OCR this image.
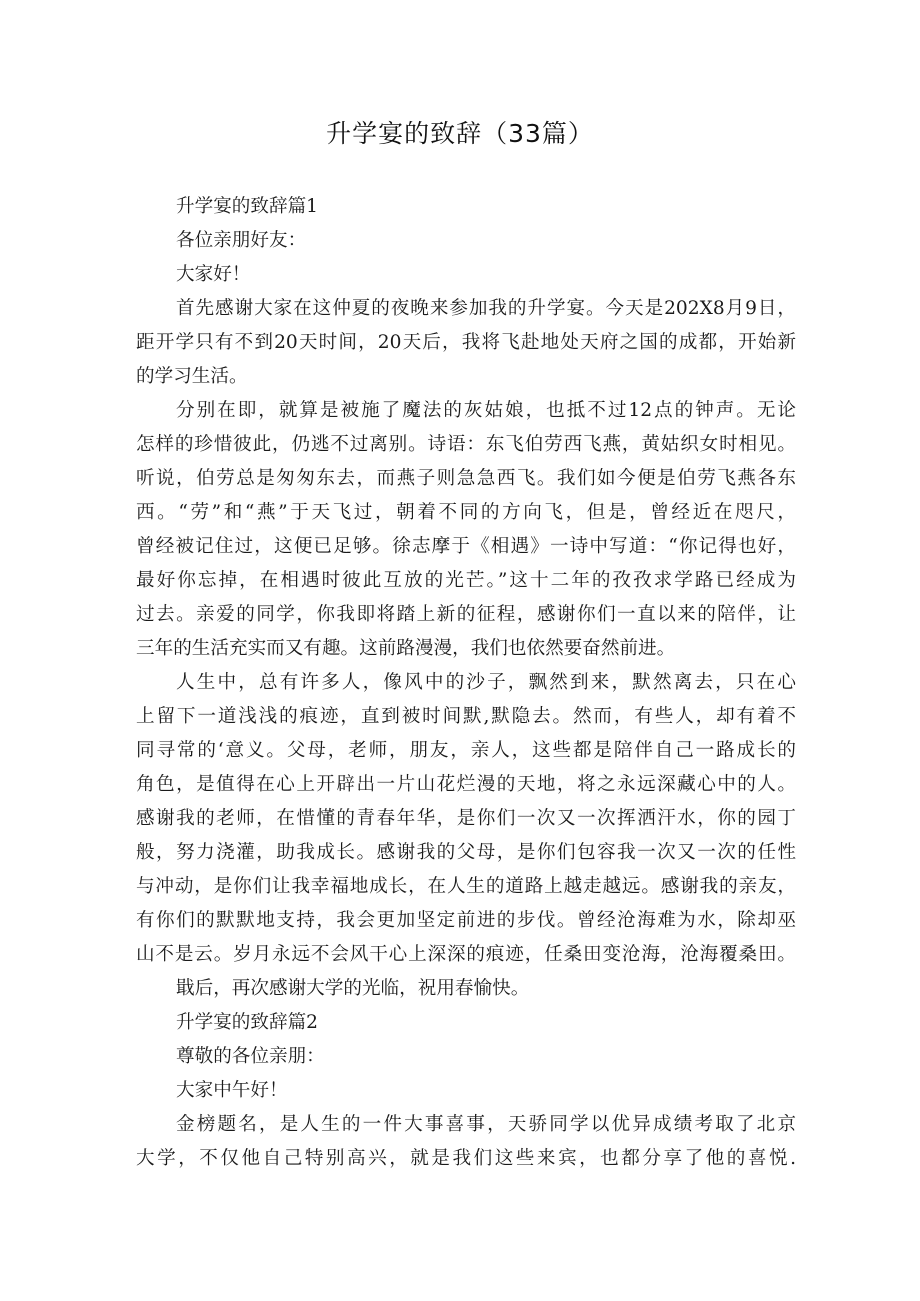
升学宴的致辞（33篇）
升学宴的致辞篇1
各位亲朋好友：
大家好！
首先感谢大家在这仲夏的夜晚来参加我的升学宴。今天是202X8月9日，
距开学只有不到20天时间，20天后，我将飞赴地处天府之国的成都，开始新
的学习生活。
分别在即，就算是被施了魔法的灰姑娘，也抵不过12点的钟声。无论
怎样的珍惜彼此，仍逃不过离别。诗语：东飞伯劳西飞燕，黄姑织女时相见。
听说，伯劳总是匆匆东去，而燕子则急急西飞。我们如今便是伯劳飞燕各东
西。“劳”和“燕”于天飞过，朝着不同的方向飞，但是，曾经近在咫尺，
曾经被记住过，这便已足够。徐志摩于《相遇》一诗中写道：“你记得也好，
最好你忘掉，在相遇时彼此互放的光芒。”这十二年的孜孜求学路已经成为
过去。亲爱的同学，你我即将踏上新的征程，感谢你们一直以来的陪伴，让
三年的生活充实而又有趣。这前路漫漫，我们也依然要奋然前进。
人生中，总有许多人，像风中的沙子，飘然到来，默然离去，只在心
上留下一道浅浅的痕迹，直到被时间默,默隐去。然而，有些人，却有着不
同寻常的‘意义。父母，老师，朋友，亲人，这些都是陪伴自己一路成长的
角色，是值得在心上开辟出一片山花烂漫的天地，将之永远深藏心中的人。
感谢我的老师，在惜懂的青春年华，是你们一次又一次挥洒汗水，你的园丁
般，努力浇灌，助我成长。感谢我的父母，是你们包容我一次又一次的任性
与冲动，是你们让我幸福地成长，在人生的道路上越走越远。感谢我的亲友，
有你们的默默地支持，我会更加坚定前进的步伐。曾经沧海难为水，除却巫
山不是云。岁月永远不会风干心上深深的痕迹，任桑田变沧海，沧海覆桑田。
戢后，再次感谢大学的光临，祝用春愉快。
升学宴的致辞篇2
尊敬的各位亲朋：
大家中午好！
金榜题名，是人生的一件大事喜事，天骄同学以优异成绩考取了北京
大学，不仅他自己特别高兴，就是我们这些来宾，也都分享了他的喜悦.
